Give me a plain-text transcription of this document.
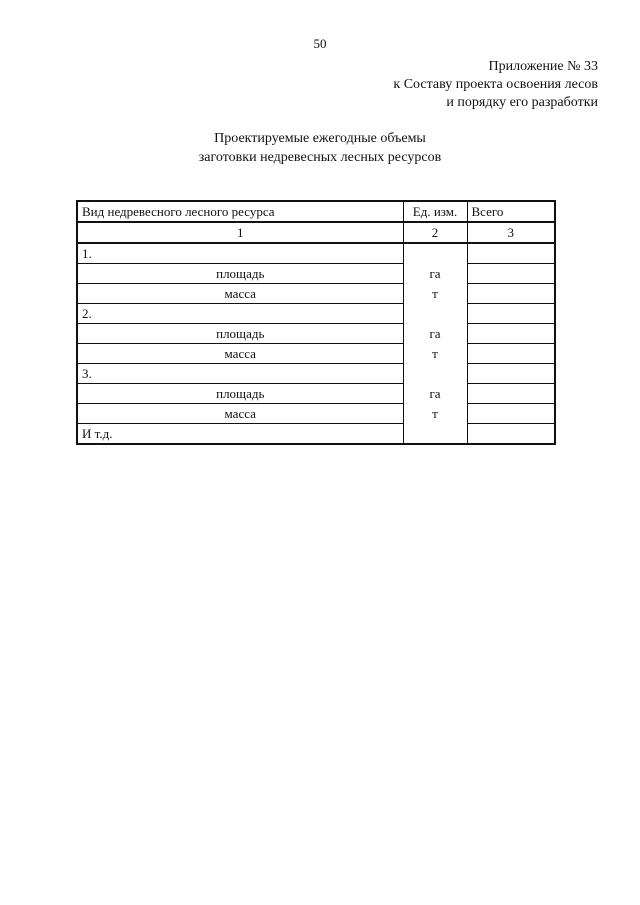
50
Приложение № 33
к Составу проекта освоения лесов
и порядку его разработки
Проектируемые ежегодные объемы
заготовки недревесных лесных ресурсов
Вид недревесного лесного ресурса	Ед. изм.	Всего
1	2	3
1.		
площадь	га	
масса	т	
2.		
площадь	га	
масса	т	
3.		
площадь	га	
масса	т	
И т.д.		
